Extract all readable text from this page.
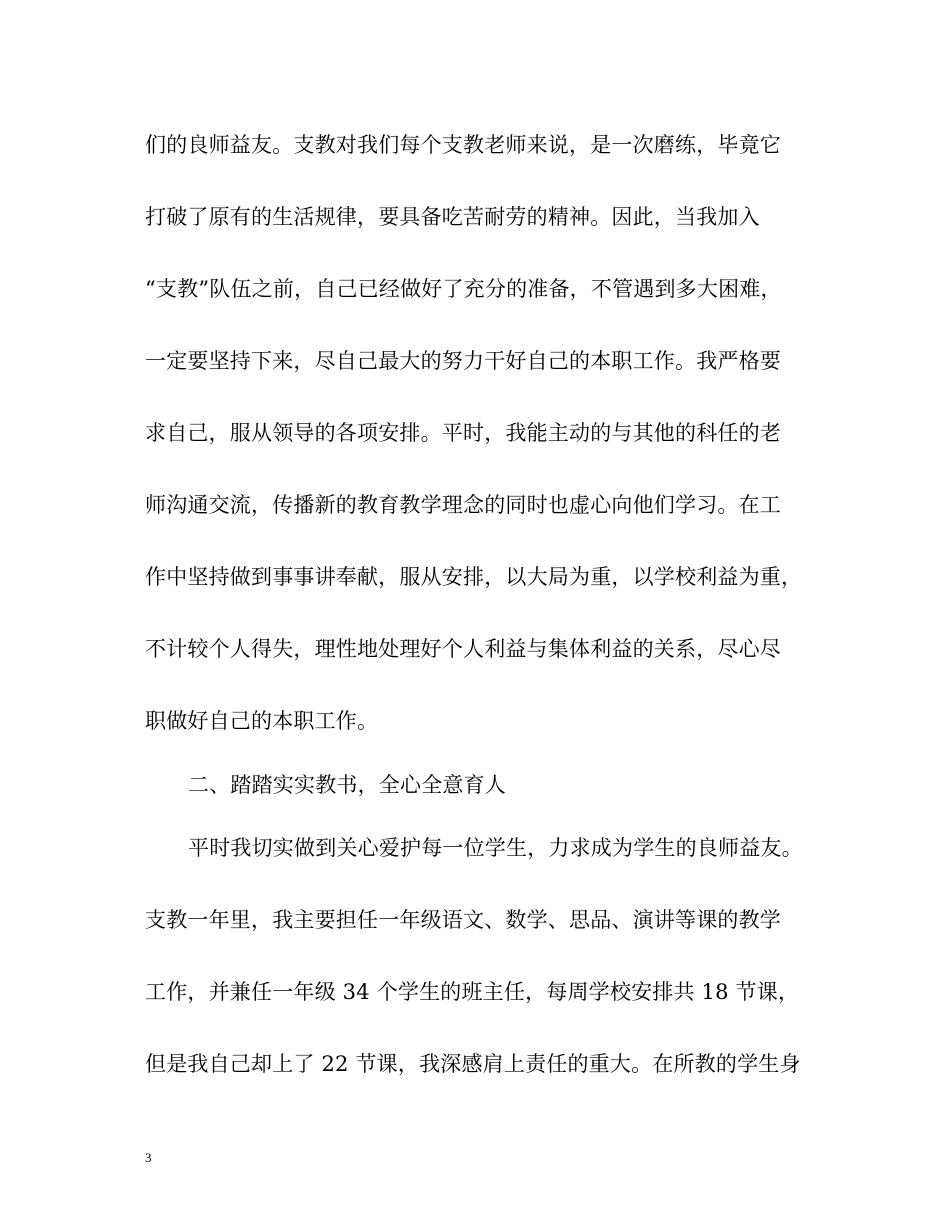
们的良师益友。支教对我们每个支教老师来说，是一次磨练，毕竟它
打破了原有的生活规律，要具备吃苦耐劳的精神。因此，当我加入
“支教”队伍之前，自己已经做好了充分的准备，不管遇到多大困难，
一定要坚持下来，尽自己最大的努力干好自己的本职工作。我严格要
求自己，服从领导的各项安排。平时，我能主动的与其他的科任的老
师沟通交流，传播新的教育教学理念的同时也虚心向他们学习。在工
作中坚持做到事事讲奉献，服从安排，以大局为重，以学校利益为重，
不计较个人得失，理性地处理好个人利益与集体利益的关系，尽心尽
职做好自己的本职工作。
二、踏踏实实教书，全心全意育人
平时我切实做到关心爱护每一位学生，力求成为学生的良师益友。
支教一年里，我主要担任一年级语文、数学、思品、演讲等课的教学
工作，并兼任一年级 34 个学生的班主任，每周学校安排共 18 节课，
但是我自己却上了 22 节课，我深感肩上责任的重大。在所教的学生身
3
